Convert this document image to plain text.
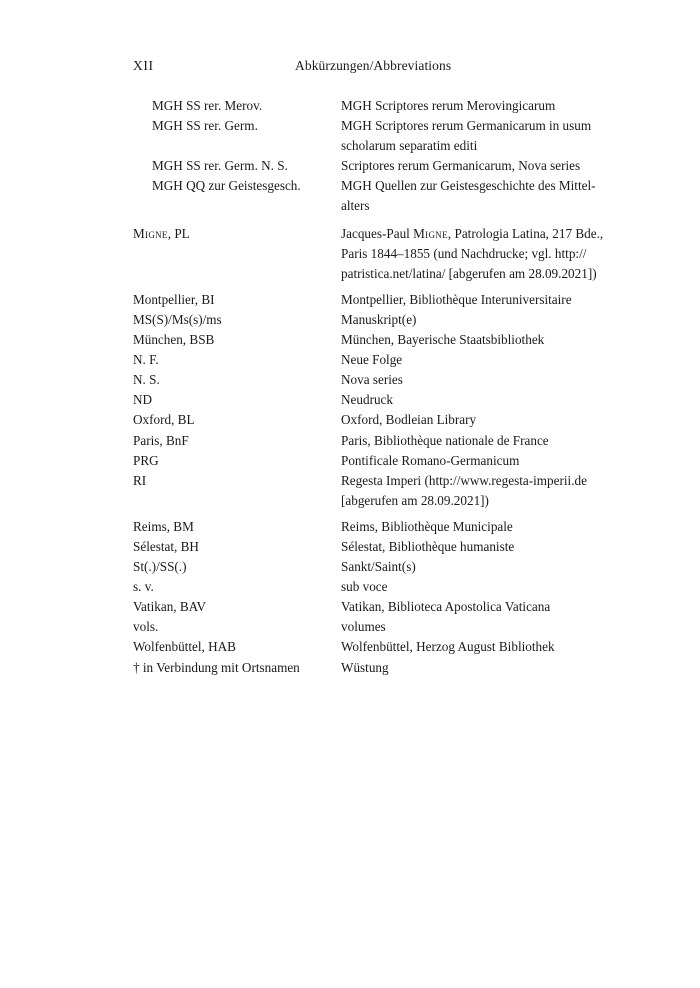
XII	Abkürzungen/Abbreviations
MGH SS rer. Merov.	MGH Scriptores rerum Merovingicarum
MGH SS rer. Germ.	MGH Scriptores rerum Germanicarum in usum
scholarum separatim editi
MGH SS rer. Germ. N. S.	Scriptores rerum Germanicarum, Nova series
MGH QQ zur Geistesgesch.	MGH Quellen zur Geistesgeschichte des Mittel-
alters
Migne, PL	Jacques-Paul Migne, Patrologia Latina, 217 Bde.,
Paris 1844–1855 (und Nachdrucke; vgl. http://
patristica.net/latina/ [abgerufen am 28.09.2021])
Montpellier, BI	Montpellier, Bibliothèque Interuniversitaire
MS(S)/Ms(s)/ms	Manuskript(e)
München, BSB	München, Bayerische Staatsbibliothek
N. F.	Neue Folge
N. S.	Nova series
ND	Neudruck
Oxford, BL	Oxford, Bodleian Library
Paris, BnF	Paris, Bibliothèque nationale de France
PRG	Pontificale Romano-Germanicum
RI	Regesta Imperi (http://www.regesta-imperii.de
[abgerufen am 28.09.2021])
Reims, BM	Reims, Bibliothèque Municipale
Sélestat, BH	Sélestat, Bibliothèque humaniste
St(.)/SS(.)	Sankt/Saint(s)
s. v.	sub voce
Vatikan, BAV	Vatikan, Biblioteca Apostolica Vaticana
vols.	volumes
Wolfenbüttel, HAB	Wolfenbüttel, Herzog August Bibliothek
† in Verbindung mit Ortsnamen	Wüstung
